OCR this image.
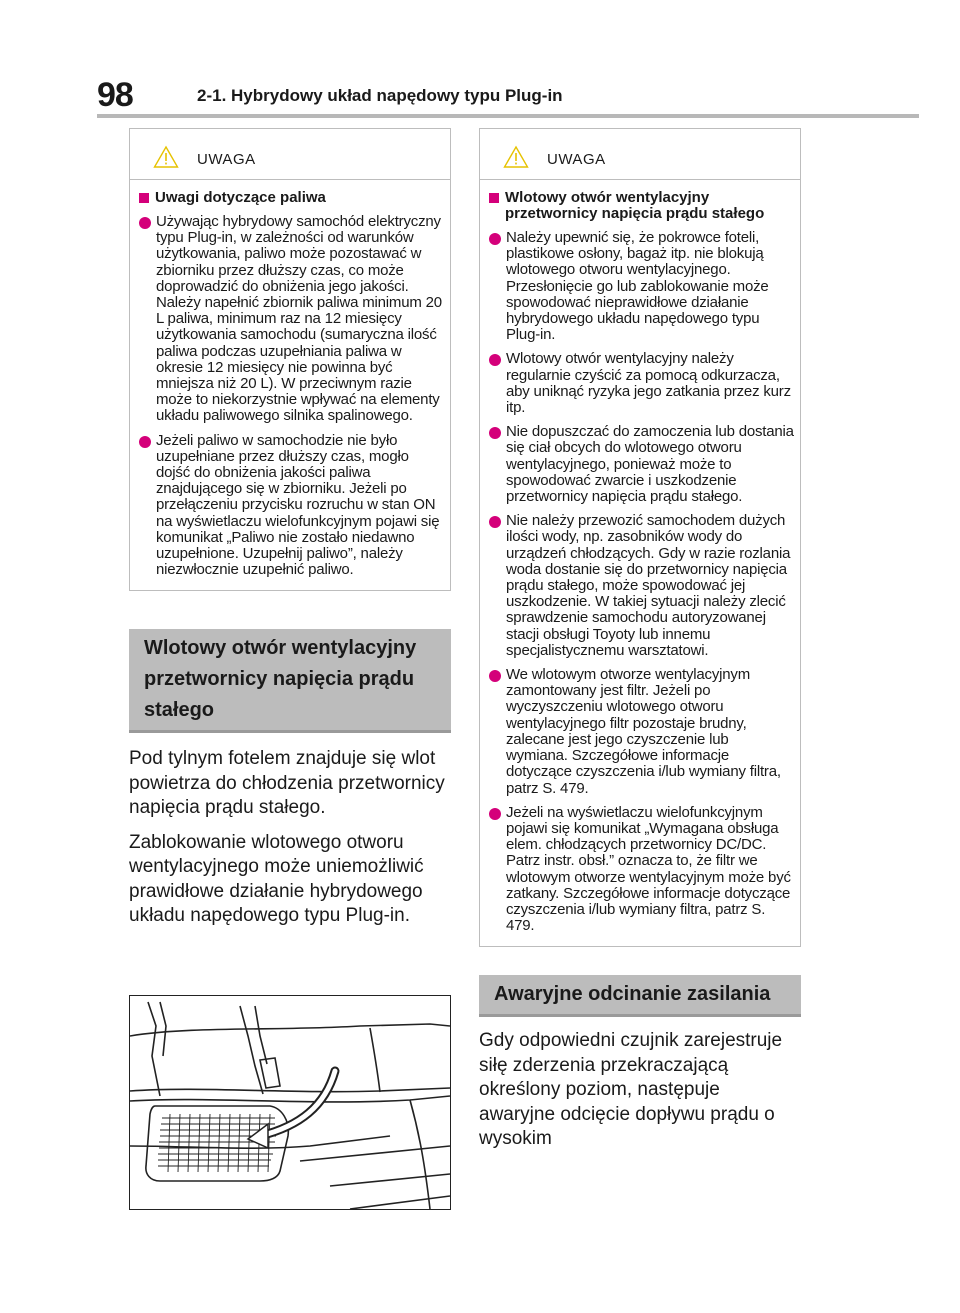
98	2-1. Hybrydowy układ napędowy typu Plug-in
UWAGA
Uwagi dotyczące paliwa
Używając hybrydowy samochód elektryczny typu Plug-in, w zależności od warunków użytkowania, paliwo może pozostawać w zbiorniku przez dłuższy czas, co może doprowadzić do obniżenia jego jakości. Należy napełnić zbiornik paliwa minimum 20 L paliwa, minimum raz na 12 miesięcy użytkowania samochodu (sumaryczna ilość paliwa podczas uzupełniania paliwa w okresie 12 miesięcy nie powinna być mniejsza niż 20 L). W przeciwnym razie może to niekorzystnie wpływać na elementy układu paliwowego silnika spalinowego.
Jeżeli paliwo w samochodzie nie było uzupełniane przez dłuższy czas, mogło dojść do obniżenia jakości paliwa znajdującego się w zbiorniku. Jeżeli po przełączeniu przycisku rozruchu w stan ON na wyświetlaczu wielofunkcyjnym pojawi się komunikat „Paliwo nie zostało niedawno uzupełnione. Uzupełnij paliwo”, należy niezwłocznie uzupełnić paliwo.
Wlotowy otwór wentylacyjny przetwornicy napięcia prądu stałego

Pod tylnym fotelem znajduje się wlot powietrza do chłodzenia przetwornicy napięcia prądu stałego.

Zablokowanie wlotowego otworu wentylacyjnego może uniemożliwić prawidłowe działanie hybrydowego układu napędowego typu Plug-in.

UWAGA
Wlotowy otwór wentylacyjny przetwornicy napięcia prądu stałego
Należy upewnić się, że pokrowce foteli, plastikowe osłony, bagaż itp. nie blokują wlotowego otworu wentylacyjnego. Przesłonięcie go lub zablokowanie może spowodować nieprawidłowe działanie hybrydowego układu napędowego typu Plug-in.
Wlotowy otwór wentylacyjny należy regularnie czyścić za pomocą odkurzacza, aby uniknąć ryzyka jego zatkania przez kurz itp.
Nie dopuszczać do zamoczenia lub dostania się ciał obcych do wlotowego otworu wentylacyjnego, ponieważ może to spowodować zwarcie i uszkodzenie przetwornicy napięcia prądu stałego.
Nie należy przewozić samochodem dużych ilości wody, np. zasobników wody do urządzeń chłodzących. Gdy w razie rozlania woda dostanie się do przetwornicy napięcia prądu stałego, może spowodować jej uszkodzenie. W takiej sytuacji należy zlecić sprawdzenie samochodu autoryzowanej stacji obsługi Toyoty lub innemu specjalistycznemu warsztatowi.
We wlotowym otworze wentylacyjnym zamontowany jest filtr. Jeżeli po wyczyszczeniu wlotowego otworu wentylacyjnego filtr pozostaje brudny, zalecane jest jego czyszczenie lub wymiana. Szczegółowe informacje dotyczące czyszczenia i/lub wymiany filtra, patrz S. 479.
Jeżeli na wyświetlaczu wielofunkcyjnym pojawi się komunikat „Wymagana obsługa elem. chłodzących przetwornicy DC/DC. Patrz instr. obsł.” oznacza to, że filtr we wlotowym otworze wentylacyjnym może być zatkany. Szczegółowe informacje dotyczące czyszczenia i/lub wymiany filtra, patrz S. 479.
Awaryjne odcinanie zasilania

Gdy odpowiedni czujnik zarejestruje siłę zderzenia przekraczającą określony poziom, następuje awaryjne odcięcie dopływu prądu o wysokim
